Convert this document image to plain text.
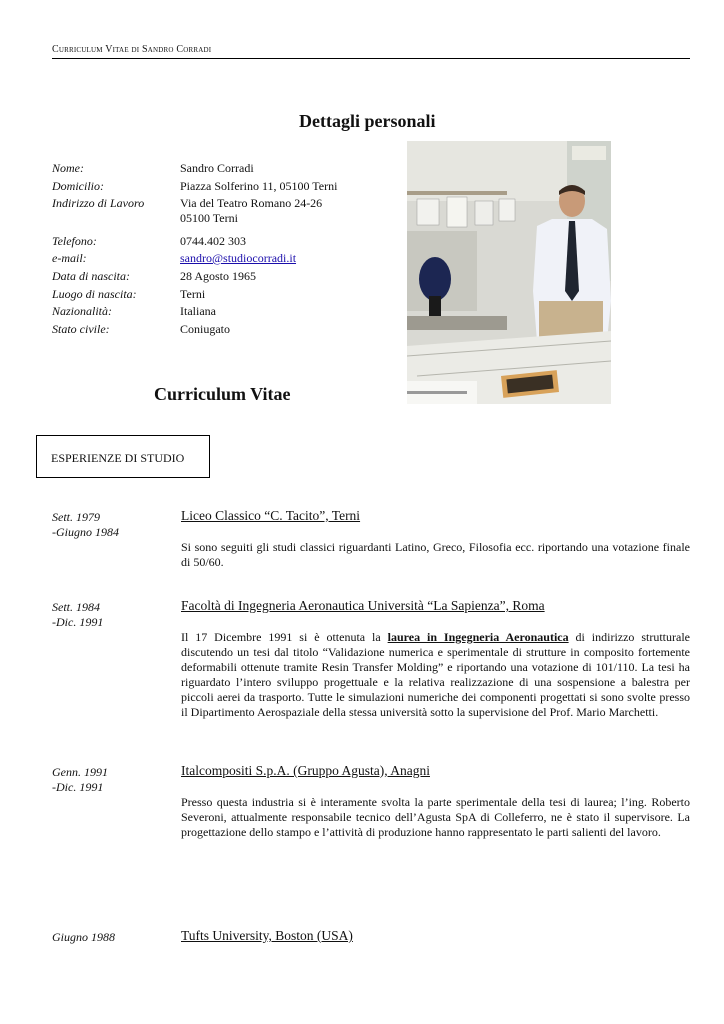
Curriculum Vitae di Sandro Corradi
Dettagli personali
Nome:	Sandro Corradi
Domicilio:	Piazza Solferino 11, 05100 Terni
Indirizzo di Lavoro	Via del Teatro Romano 24-26
05100 Terni
Telefono:	0744.402 303
e-mail:	sandro@studiocorradi.it
Data di nascita:	28 Agosto 1965
Luogo di nascita:	Terni
Nazionalità:	Italiana
Stato civile:	Coniugato
Curriculum Vitae
ESPERIENZE DI STUDIO
Sett. 1979
-Giugno 1984
Liceo Classico “C. Tacito”, Terni
Si sono seguiti gli studi classici riguardanti Latino, Greco, Filosofia ecc. riportando una votazione finale di 50/60.
Sett. 1984
-Dic. 1991
Facoltà di Ingegneria Aeronautica Università “La Sapienza”, Roma
Il 17 Dicembre 1991 si è ottenuta la laurea in Ingegneria Aeronautica di indirizzo strutturale discutendo un tesi dal titolo “Validazione numerica e sperimentale di strutture in composito fortemente deformabili ottenute tramite Resin Transfer Molding” e riportando una votazione di 101/110. La tesi ha riguardato l’intero sviluppo progettuale e la relativa realizzazione di una sospensione a balestra per piccoli aerei da trasporto. Tutte le simulazioni numeriche dei componenti progettati si sono svolte presso il Dipartimento Aerospaziale della stessa università sotto la supervisione del Prof. Mario Marchetti.
Genn. 1991
-Dic. 1991
Italcompositi S.p.A. (Gruppo Agusta), Anagni
Presso questa industria si è interamente svolta la parte sperimentale della tesi di laurea; l’ing. Roberto Severoni, attualmente responsabile tecnico dell’Agusta SpA di Colleferro, ne è stato il supervisore. La progettazione dello stampo e l’attività di produzione hanno rappresentato le parti salienti del lavoro.
Giugno 1988	Tufts University, Boston (USA)
